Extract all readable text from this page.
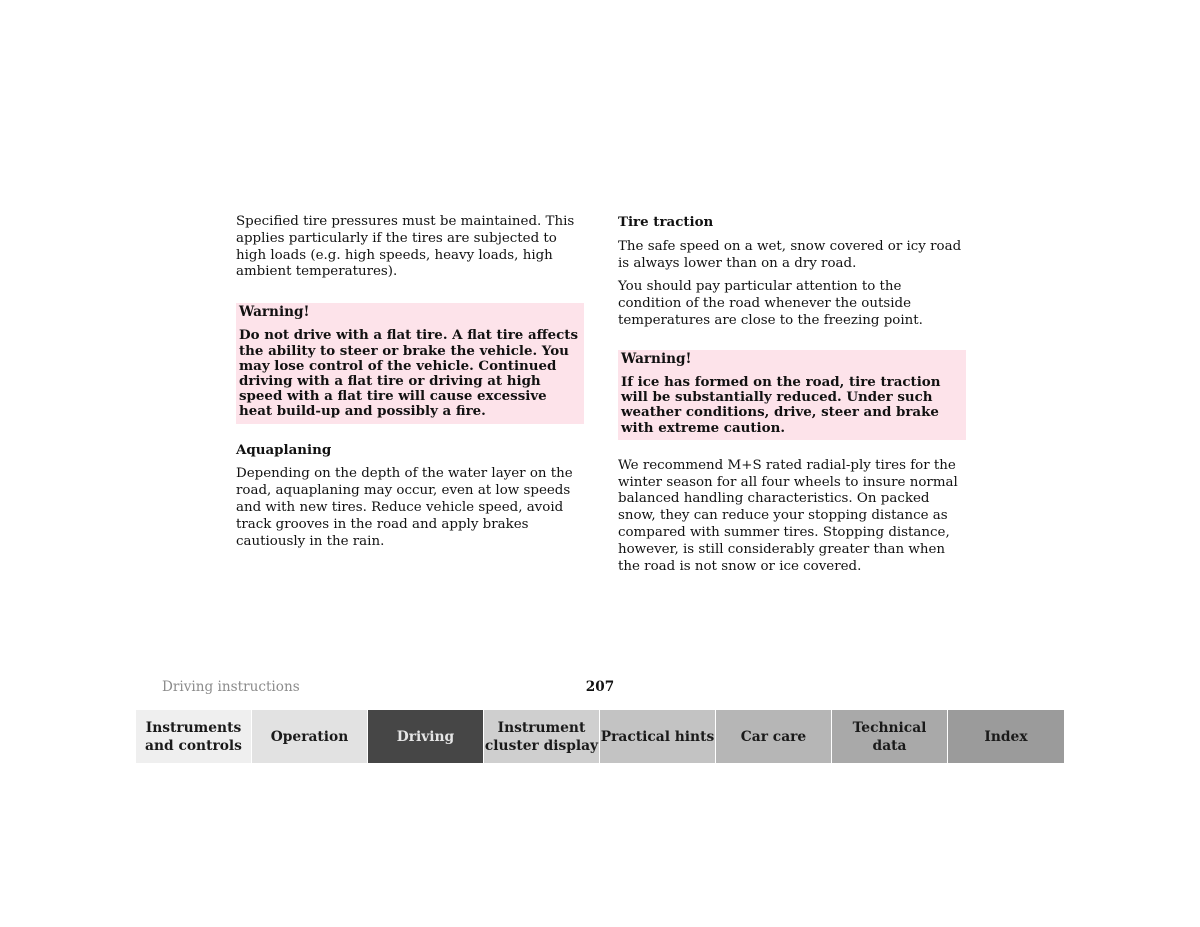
Specified tire pressures must be maintained. This applies particularly if the tires are subjected to high loads (e.g. high speeds, heavy loads, high ambient temperatures).

Warning!

Do not drive with a flat tire. A flat tire affects the ability to steer or brake the vehicle. You may lose control of the vehicle. Continued driving with a flat tire or driving at high speed with a flat tire will cause excessive heat build-up and possibly a fire.

Aquaplaning

Depending on the depth of the water layer on the road, aquaplaning may occur, even at low speeds and with new tires. Reduce vehicle speed, avoid track grooves in the road and apply brakes cautiously in the rain.

Tire traction

The safe speed on a wet, snow covered or icy road is always lower than on a dry road.

You should pay particular attention to the condition of the road whenever the outside temperatures are close to the freezing point.

Warning!

If ice has formed on the road, tire traction will be substantially reduced. Under such weather conditions, drive, steer and brake with extreme caution.

We recommend M+S rated radial-ply tires for the winter season for all four wheels to insure normal balanced handling characteristics. On packed snow, they can reduce your stopping distance as compared with summer tires. Stopping distance, however, is still considerably greater than when the road is not snow or ice covered.

Driving instructions	207
Instruments
and controls
Operation	Driving
Instrument
cluster display
Practical hints Car care
Technical
data
Index
